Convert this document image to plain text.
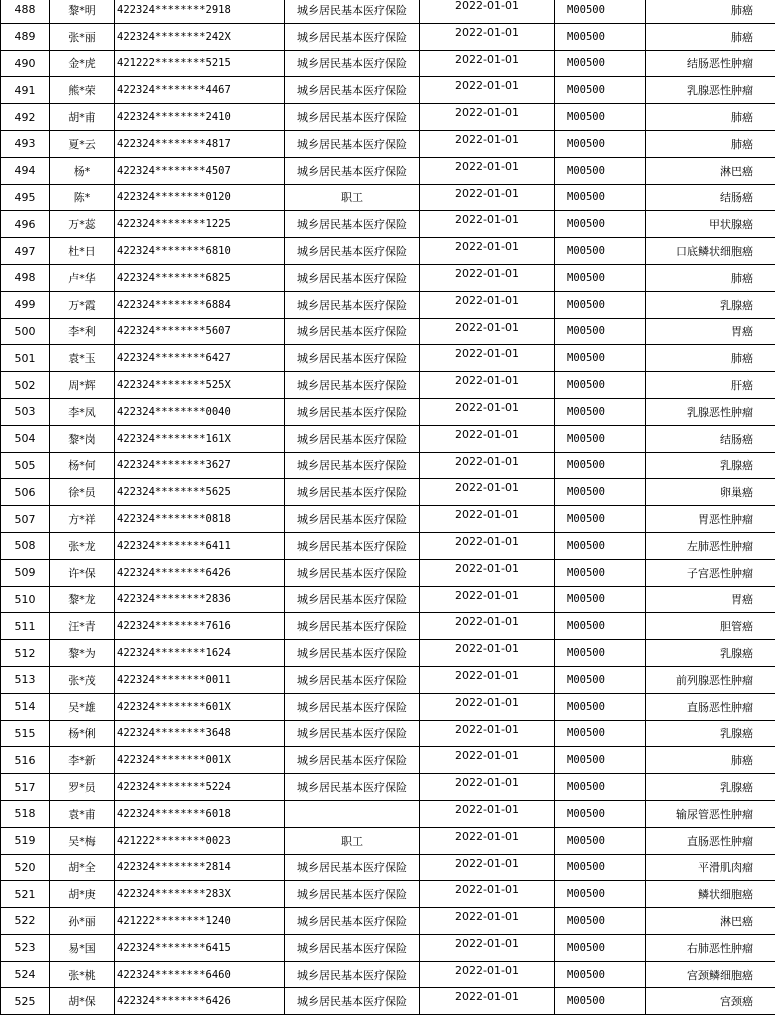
488	黎*明	422324********2918	城乡居民基本医疗保险	2022-01-01	M00500	肺癌
489	张*丽	422324********242X	城乡居民基本医疗保险	2022-01-01	M00500	肺癌
490	金*虎	421222********5215	城乡居民基本医疗保险	2022-01-01	M00500	结肠恶性肿瘤
491	熊*荣	422324********4467	城乡居民基本医疗保险	2022-01-01	M00500	乳腺恶性肿瘤
492	胡*甫	422324********2410	城乡居民基本医疗保险	2022-01-01	M00500	肺癌
493	夏*云	422324********4817	城乡居民基本医疗保险	2022-01-01	M00500	肺癌
494	杨*	422324********4507	城乡居民基本医疗保险	2022-01-01	M00500	淋巴癌
495	陈*	422324********0120	职工	2022-01-01	M00500	结肠癌
496	万*蕊	422324********1225	城乡居民基本医疗保险	2022-01-01	M00500	甲状腺癌
497	杜*日	422324********6810	城乡居民基本医疗保险	2022-01-01	M00500	口底鳞状细胞癌
498	卢*华	422324********6825	城乡居民基本医疗保险	2022-01-01	M00500	肺癌
499	万*霞	422324********6884	城乡居民基本医疗保险	2022-01-01	M00500	乳腺癌
500	李*利	422324********5607	城乡居民基本医疗保险	2022-01-01	M00500	胃癌
501	袁*玉	422324********6427	城乡居民基本医疗保险	2022-01-01	M00500	肺癌
502	周*辉	422324********525X	城乡居民基本医疗保险	2022-01-01	M00500	肝癌
503	李*凤	422324********0040	城乡居民基本医疗保险	2022-01-01	M00500	乳腺恶性肿瘤
504	黎*岗	422324********161X	城乡居民基本医疗保险	2022-01-01	M00500	结肠癌
505	杨*何	422324********3627	城乡居民基本医疗保险	2022-01-01	M00500	乳腺癌
506	徐*员	422324********5625	城乡居民基本医疗保险	2022-01-01	M00500	卵巢癌
507	方*祥	422324********0818	城乡居民基本医疗保险	2022-01-01	M00500	胃恶性肿瘤
508	张*龙	422324********6411	城乡居民基本医疗保险	2022-01-01	M00500	左肺恶性肿瘤
509	许*保	422324********6426	城乡居民基本医疗保险	2022-01-01	M00500	子宫恶性肿瘤
510	黎*龙	422324********2836	城乡居民基本医疗保险	2022-01-01	M00500	胃癌
511	汪*青	422324********7616	城乡居民基本医疗保险	2022-01-01	M00500	胆管癌
512	黎*为	422324********1624	城乡居民基本医疗保险	2022-01-01	M00500	乳腺癌
513	张*茂	422324********0011	城乡居民基本医疗保险	2022-01-01	M00500	前列腺恶性肿瘤
514	吴*雄	422324********601X	城乡居民基本医疗保险	2022-01-01	M00500	直肠恶性肿瘤
515	杨*俐	422324********3648	城乡居民基本医疗保险	2022-01-01	M00500	乳腺癌
516	李*新	422324********001X	城乡居民基本医疗保险	2022-01-01	M00500	肺癌
517	罗*员	422324********5224	城乡居民基本医疗保险	2022-01-01	M00500	乳腺癌
518	袁*甫	422324********6018		2022-01-01	M00500	输尿管恶性肿瘤
519	吴*梅	421222********0023	职工	2022-01-01	M00500	直肠恶性肿瘤
520	胡*全	422324********2814	城乡居民基本医疗保险	2022-01-01	M00500	平滑肌肉瘤
521	胡*庚	422324********283X	城乡居民基本医疗保险	2022-01-01	M00500	鳞状细胞癌
522	孙*丽	421222********1240	城乡居民基本医疗保险	2022-01-01	M00500	淋巴癌
523	易*国	422324********6415	城乡居民基本医疗保险	2022-01-01	M00500	右肺恶性肿瘤
524	张*桃	422324********6460	城乡居民基本医疗保险	2022-01-01	M00500	宫颈鳞细胞癌
525	胡*保	422324********6426	城乡居民基本医疗保险	2022-01-01	M00500	宫颈癌
